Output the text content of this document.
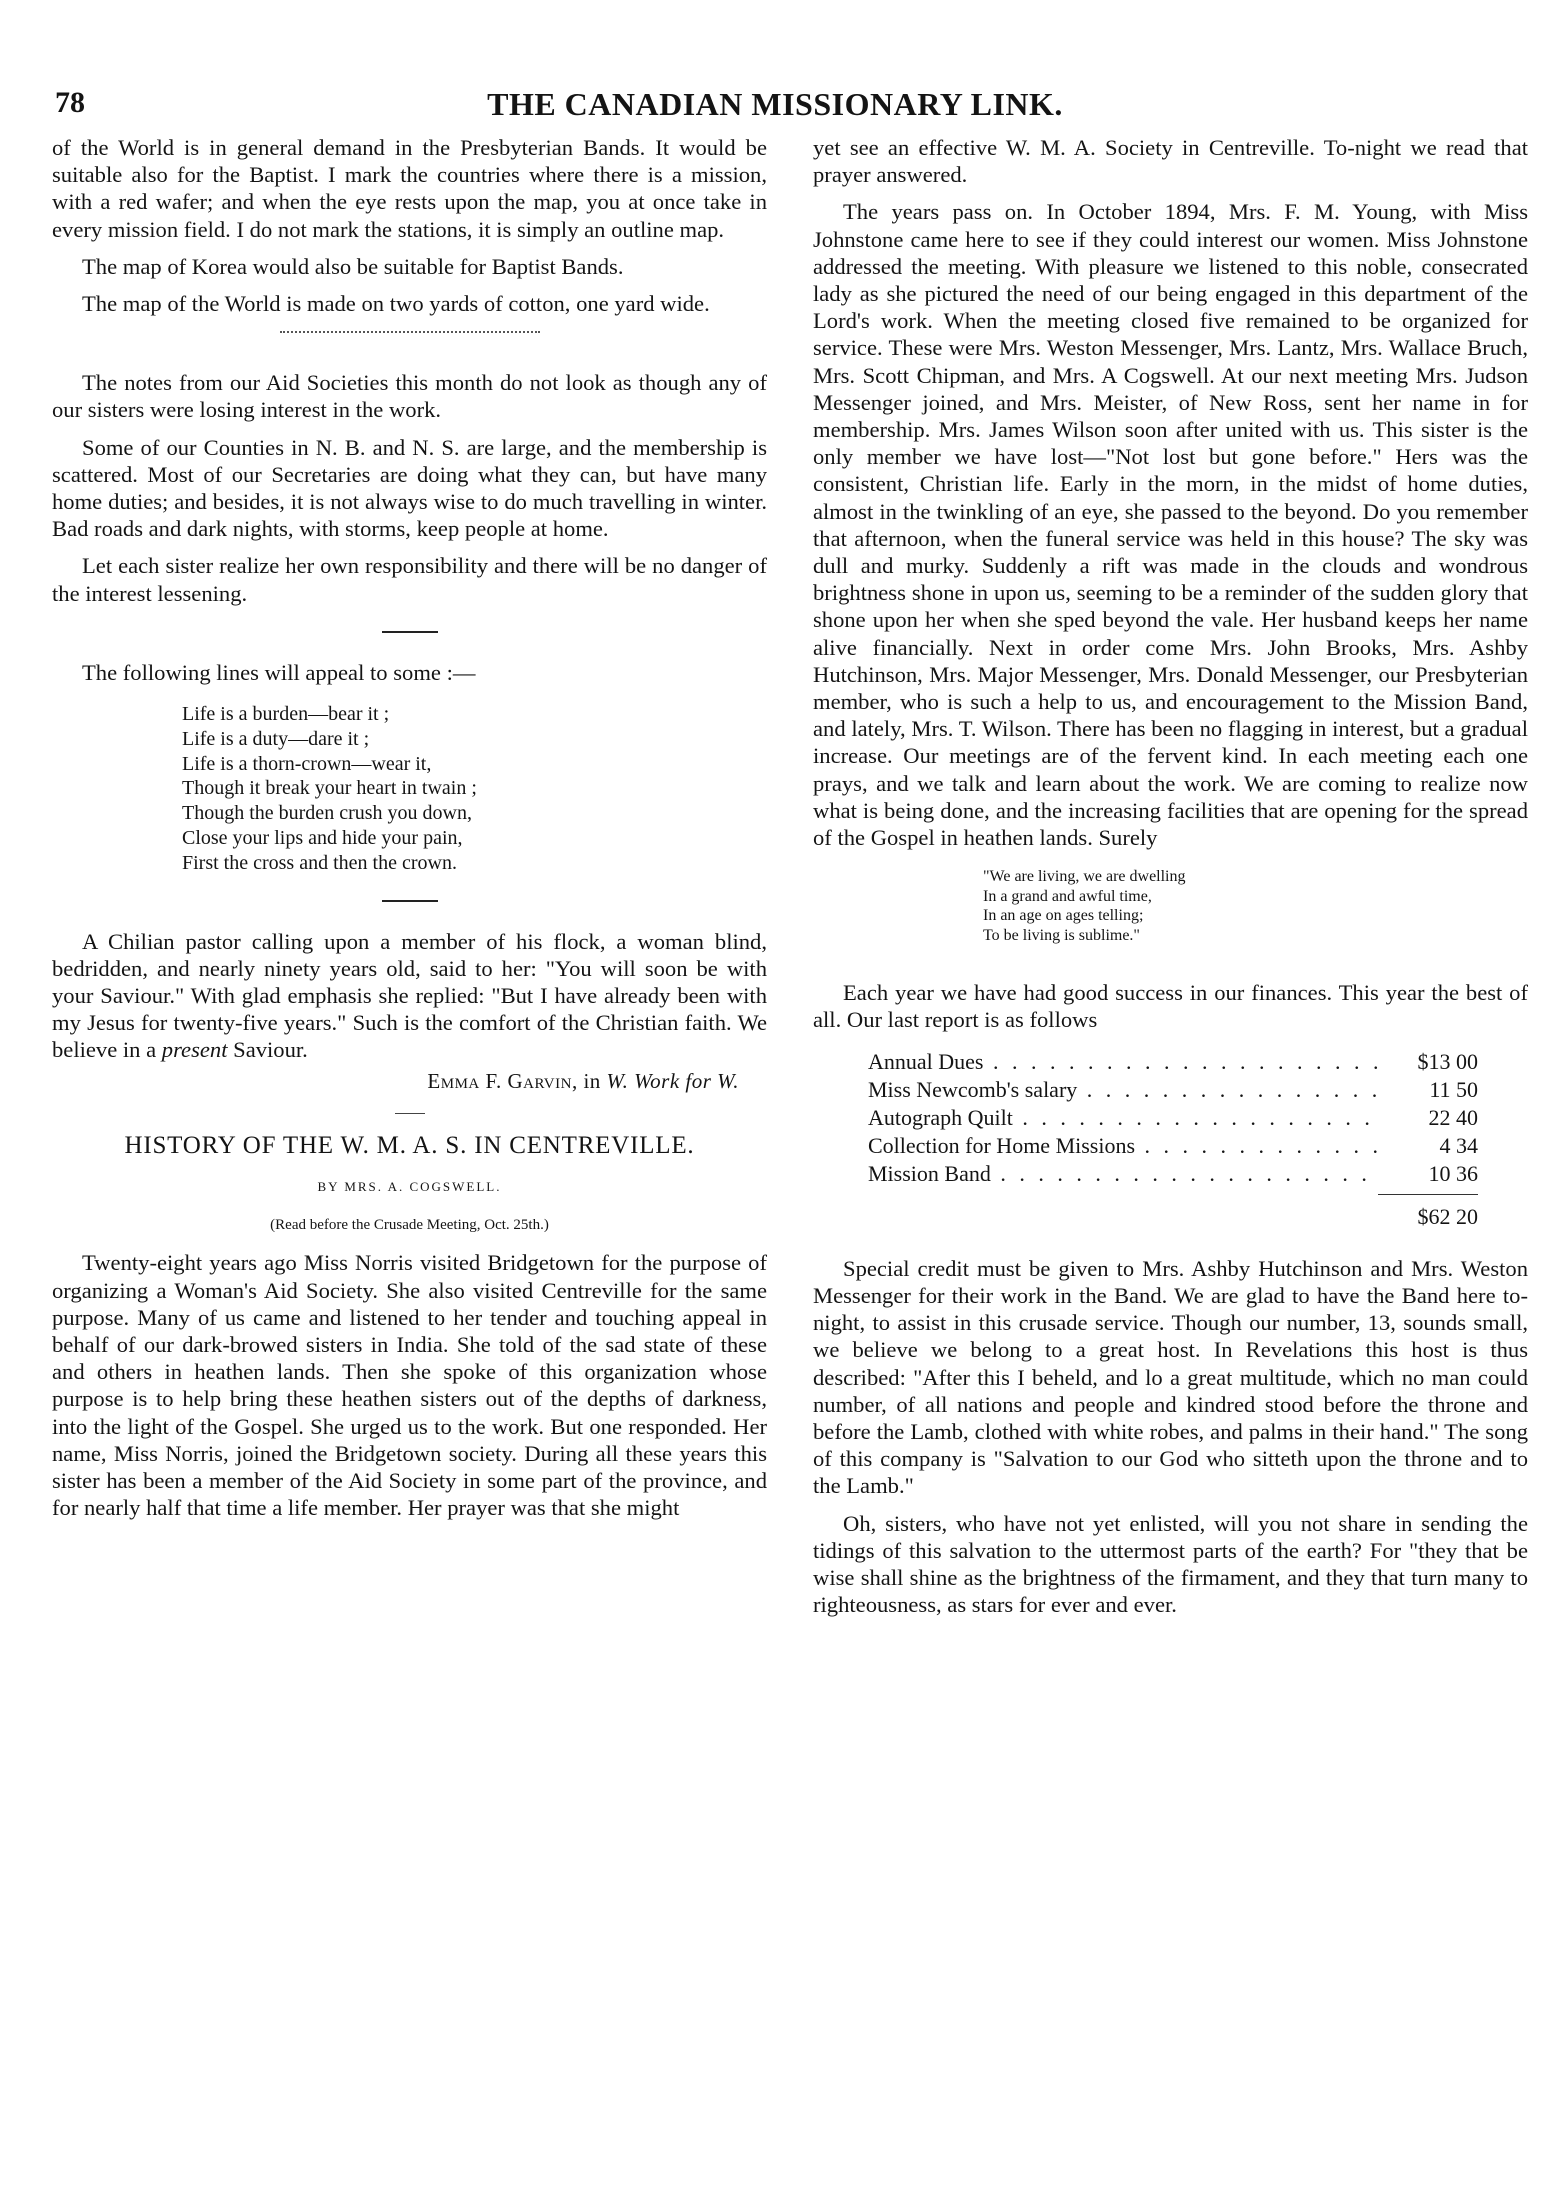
78	THE CANADIAN MISSIONARY LINK.

of the World is in general demand in the Presbyterian Bands. It would be suitable also for the Baptist. I mark the countries where there is a mission, with a red wafer; and when the eye rests upon the map, you at once take in every mission field. I do not mark the stations, it is simply an outline map.

The map of Korea would also be suitable for Baptist Bands.

The map of the World is made on two yards of cotton, one yard wide.

The notes from our Aid Societies this month do not look as though any of our sisters were losing interest in the work.

Some of our Counties in N. B. and N. S. are large, and the membership is scattered. Most of our Secretaries are doing what they can, but have many home duties; and besides, it is not always wise to do much travelling in winter. Bad roads and dark nights, with storms, keep people at home.

Let each sister realize her own responsibility and there will be no danger of the interest lessening.

The following lines will appeal to some :—

Life is a burden—bear it ;
Life is a duty—dare it ;
Life is a thorn-crown—wear it,
Though it break your heart in twain ;
Though the burden crush you down,
Close your lips and hide your pain,
First the cross and then the crown.

A Chilian pastor calling upon a member of his flock, a woman blind, bedridden, and nearly ninety years old, said to her: "You will soon be with your Saviour." With glad emphasis she replied: "But I have already been with my Jesus for twenty-five years." Such is the comfort of the Christian faith. We believe in a present Saviour.

Emma F. Garvin, in W. Work for W.
HISTORY OF THE W. M. A. S. IN CENTREVILLE.
BY MRS. A. COGSWELL.
(Read before the Crusade Meeting, Oct. 25th.)

Twenty-eight years ago Miss Norris visited Bridgetown for the purpose of organizing a Woman's Aid Society. She also visited Centreville for the same purpose. Many of us came and listened to her tender and touching appeal in behalf of our dark-browed sisters in India. She told of the sad state of these and others in heathen lands. Then she spoke of this organization whose purpose is to help bring these heathen sisters out of the depths of darkness, into the light of the Gospel. She urged us to the work. But one responded. Her name, Miss Norris, joined the Bridgetown society. During all these years this sister has been a member of the Aid Society in some part of the province, and for nearly half that time a life member. Her prayer was that she might

yet see an effective W. M. A. Society in Centreville. To-night we read that prayer answered.

The years pass on. In October 1894, Mrs. F. M. Young, with Miss Johnstone came here to see if they could interest our women. Miss Johnstone addressed the meeting. With pleasure we listened to this noble, consecrated lady as she pictured the need of our being engaged in this department of the Lord's work. When the meeting closed five remained to be organized for service. These were Mrs. Weston Messenger, Mrs. Lantz, Mrs. Wallace Bruch, Mrs. Scott Chipman, and Mrs. A Cogswell. At our next meeting Mrs. Judson Messenger joined, and Mrs. Meister, of New Ross, sent her name in for membership. Mrs. James Wilson soon after united with us. This sister is the only member we have lost—"Not lost but gone before." Hers was the consistent, Christian life. Early in the morn, in the midst of home duties, almost in the twinkling of an eye, she passed to the beyond. Do you remember that afternoon, when the funeral service was held in this house? The sky was dull and murky. Suddenly a rift was made in the clouds and wondrous brightness shone in upon us, seeming to be a reminder of the sudden glory that shone upon her when she sped beyond the vale. Her husband keeps her name alive financially. Next in order come Mrs. John Brooks, Mrs. Ashby Hutchinson, Mrs. Major Messenger, Mrs. Donald Messenger, our Presbyterian member, who is such a help to us, and encouragement to the Mission Band, and lately, Mrs. T. Wilson. There has been no flagging in interest, but a gradual increase. Our meetings are of the fervent kind. In each meeting each one prays, and we talk and learn about the work. We are coming to realize now what is being done, and the increasing facilities that are opening for the spread of the Gospel in heathen lands. Surely

"We are living, we are dwelling
In a grand and awful time,
In an age on ages telling;
To be living is sublime."

Each year we have had good success in our finances. This year the best of all. Our last report is as follows

Annual Dues . . .	$13 00
Miss Newcomb's salary . . .	11 50
Autograph Quilt . . .	22 40
Collection for Home Missions . . .	4 34
Mission Band . . .	10 36
$62 20

Special credit must be given to Mrs. Ashby Hutchinson and Mrs. Weston Messenger for their work in the Band. We are glad to have the Band here to-night, to assist in this crusade service. Though our number, 13, sounds small, we believe we belong to a great host. In Revelations this host is thus described: "After this I beheld, and lo a great multitude, which no man could number, of all nations and people and kindred stood before the throne and before the Lamb, clothed with white robes, and palms in their hand." The song of this company is "Salvation to our God who sitteth upon the throne and to the Lamb."

Oh, sisters, who have not yet enlisted, will you not share in sending the tidings of this salvation to the uttermost parts of the earth? For "they that be wise shall shine as the brightness of the firmament, and they that turn many to righteousness, as stars for ever and ever.
